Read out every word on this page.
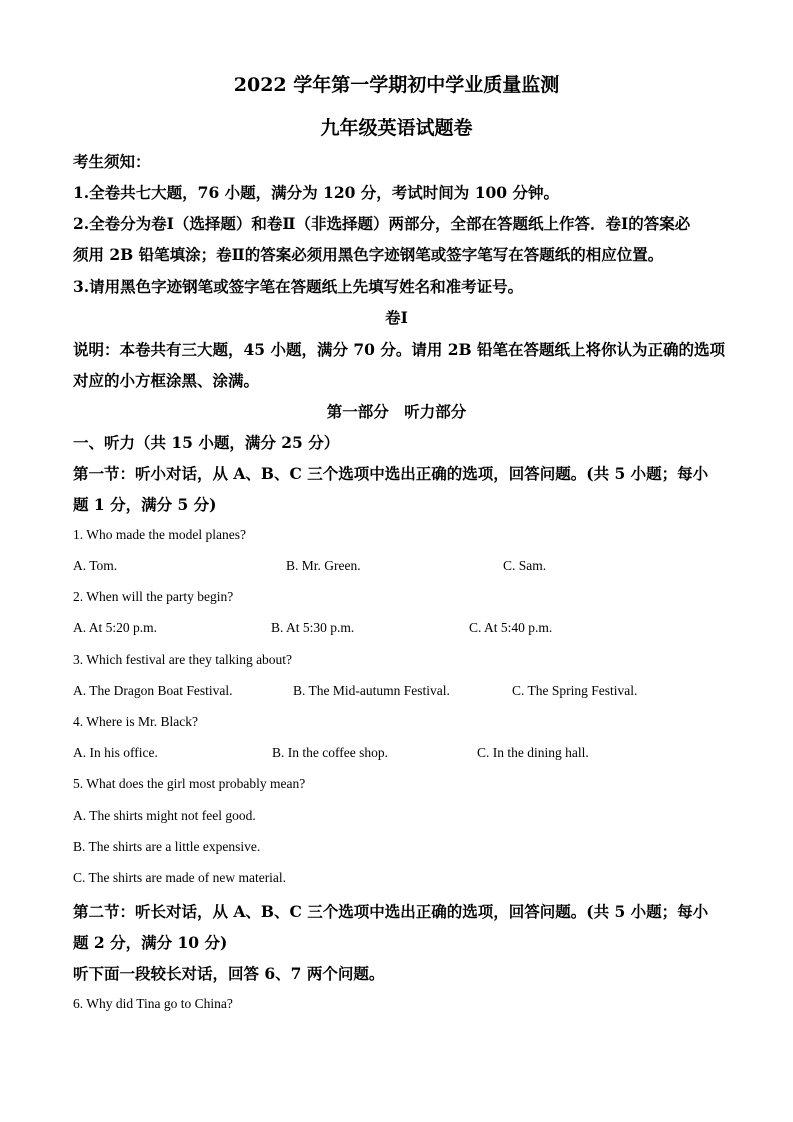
2022 学年第一学期初中学业质量监测
九年级英语试题卷
考生须知：
1.全卷共七大题，76 小题，满分为 120 分，考试时间为 100 分钟。
2.全卷分为卷Ⅰ（选择题）和卷Ⅱ（非选择题）两部分，全部在答题纸上作答．卷Ⅰ的答案必
须用 2B 铅笔填涂；卷Ⅱ的答案必须用黑色字迹钢笔或签字笔写在答题纸的相应位置。
3.请用黑色字迹钢笔或签字笔在答题纸上先填写姓名和准考证号。
卷Ⅰ
说明：本卷共有三大题，45 小题，满分 70 分。请用 2B 铅笔在答题纸上将你认为正确的选项
对应的小方框涂黑、涂满。
第一部分　听力部分
一、听力（共 15 小题，满分 25 分）
第一节：听小对话，从 A、B、C 三个选项中选出正确的选项，回答问题。(共 5 小题；每小
题 1 分，满分 5 分)
1. Who made the model planes?
A. Tom.	B. Mr. Green.	C. Sam.
2. When will the party begin?
A. At 5:20 p.m.	B. At 5:30 p.m.	C. At 5:40 p.m.
3. Which festival are they talking about?
A. The Dragon Boat Festival.	B. The Mid-autumn Festival.	C. The Spring Festival.
4. Where is Mr. Black?
A. In his office.	B. In the coffee shop.	C. In the dining hall.
5. What does the girl most probably mean?
A. The shirts might not feel good.
B. The shirts are a little expensive.
C. The shirts are made of new material.
第二节：听长对话，从 A、B、C 三个选项中选出正确的选项，回答问题。(共 5 小题；每小
题 2 分，满分 10 分)
听下面一段较长对话，回答 6、7 两个问题。
6. Why did Tina go to China?
